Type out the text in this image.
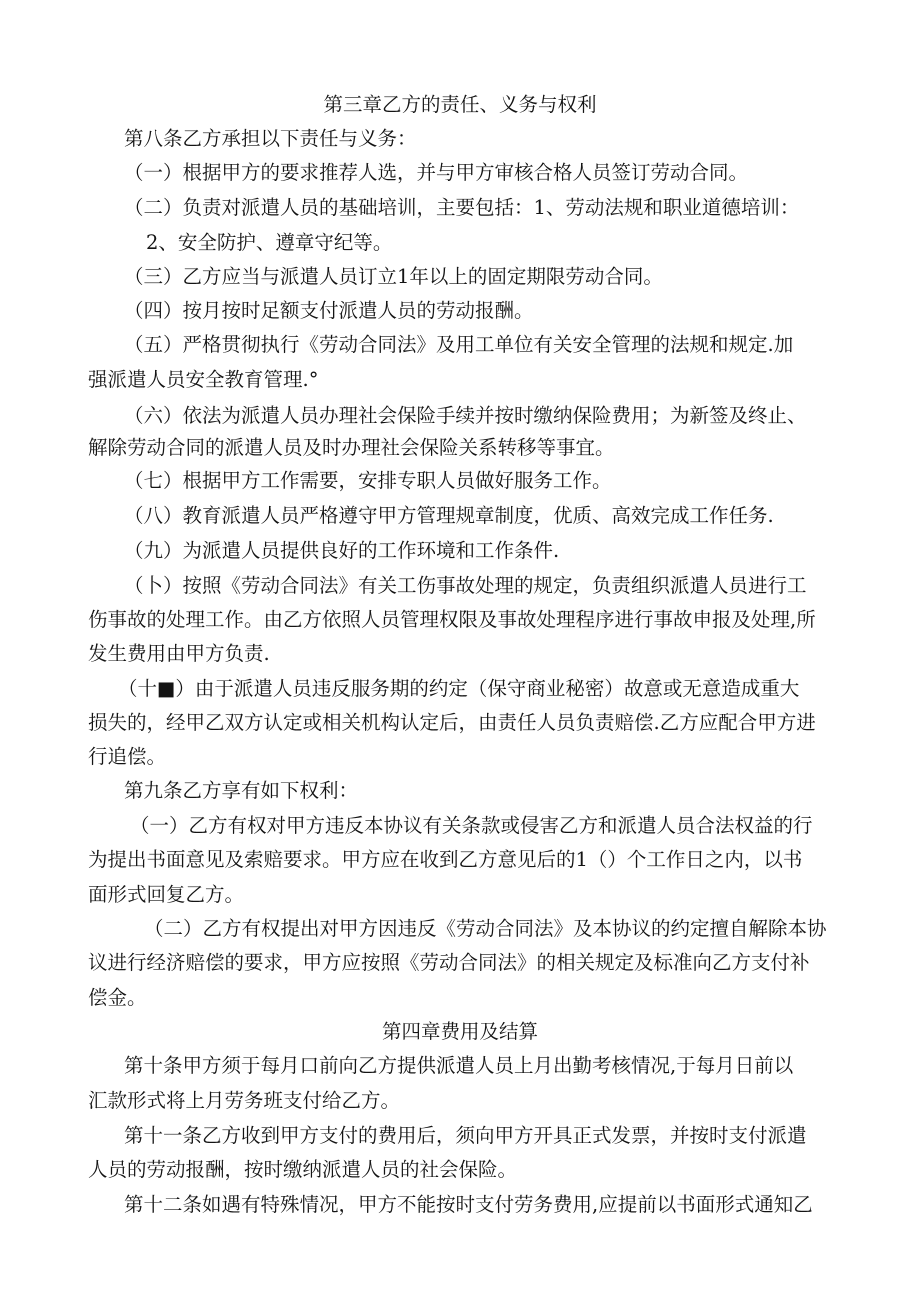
第三章乙方的责任、义务与权利
第八条乙方承担以下责任与义务：
（一）根据甲方的要求推荐人选，并与甲方审核合格人员签订劳动合同。
（二）负责对派遣人员的基础培训，主要包括：1、劳动法规和职业道德培训：
2、安全防护、遵章守纪等。
（三）乙方应当与派遣人员订立1年以上的固定期限劳动合同。
（四）按月按时足额支付派遣人员的劳动报酬。
（五）严格贯彻执行《劳动合同法》及用工单位有关安全管理的法规和规定.加
强派遣人员安全教育管理.°
（六）依法为派遣人员办理社会保险手续并按时缴纳保险费用；为新签及终止、
解除劳动合同的派遣人员及时办理社会保险关系转移等事宜。
（七）根据甲方工作需要，安排专职人员做好服务工作。
（八）教育派遣人员严格遵守甲方管理规章制度，优质、高效完成工作任务.
（九）为派遣人员提供良好的工作环境和工作条件.
（卜）按照《劳动合同法》有关工伤事故处理的规定，负责组织派遣人员进行工
伤事故的处理工作。由乙方依照人员管理权限及事故处理程序进行事故申报及处理,所
发生费用由甲方负责.
（十■）由于派遣人员违反服务期的约定（保守商业秘密）故意或无意造成重大
损失的，经甲乙双方认定或相关机构认定后，由责任人员负责赔偿.乙方应配合甲方进
行追偿。
第九条乙方享有如下权利：
（一）乙方有权对甲方违反本协议有关条款或侵害乙方和派遣人员合法权益的行
为提出书面意见及索赔要求。甲方应在收到乙方意见后的1（）个工作日之内，以书
面形式回复乙方。
（二）乙方有权提出对甲方因违反《劳动合同法》及本协议的约定擅自解除本协
议进行经济赔偿的要求，甲方应按照《劳动合同法》的相关规定及标准向乙方支付补
偿金。
第四章费用及结算
第十条甲方须于每月口前向乙方提供派遣人员上月出勤考核情况,于每月日前以
汇款形式将上月劳务班支付给乙方。
第十一条乙方收到甲方支付的费用后，须向甲方开具正式发票，并按时支付派遣
人员的劳动报酬，按时缴纳派遣人员的社会保险。
第十二条如遇有特殊情况，甲方不能按时支付劳务费用,应提前以书面形式通知乙
